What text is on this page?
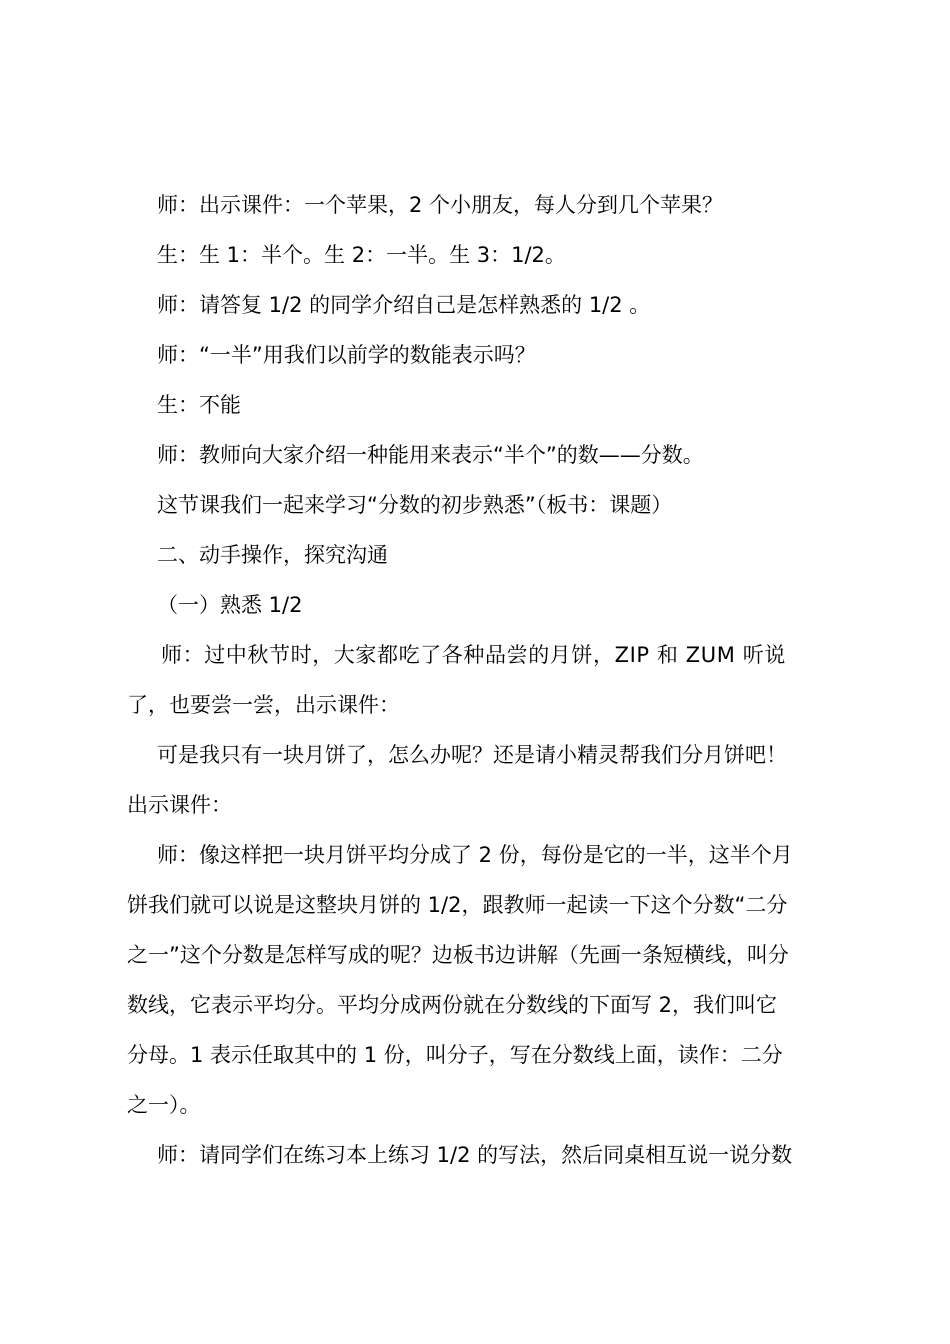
师：出示课件：一个苹果，2 个小朋友，每人分到几个苹果？
生：生 1：半个。生 2：一半。生 3：1/2。
师：请答复 1/2 的同学介绍自己是怎样熟悉的 1/2 。
师：“一半”用我们以前学的数能表示吗？
生：不能
师：教师向大家介绍一种能用来表示“半个”的数——分数。
这节课我们一起来学习“分数的初步熟悉”（板书：课题）
二、动手操作，探究沟通
（一）熟悉 1/2
师：过中秋节时，大家都吃了各种品尝的月饼，ZIP 和 ZUM 听说
了，也要尝一尝，出示课件：
可是我只有一块月饼了，怎么办呢？还是请小精灵帮我们分月饼吧！
出示课件：
师：像这样把一块月饼平均分成了 2 份，每份是它的一半，这半个月
饼我们就可以说是这整块月饼的 1/2，跟教师一起读一下这个分数“二分
之一”这个分数是怎样写成的呢？边板书边讲解（先画一条短横线，叫分
数线，它表示平均分。平均分成两份就在分数线的下面写 2，我们叫它
分母。1 表示任取其中的 1 份，叫分子，写在分数线上面，读作：二分
之一）。
师：请同学们在练习本上练习 1/2 的写法，然后同桌相互说一说分数
